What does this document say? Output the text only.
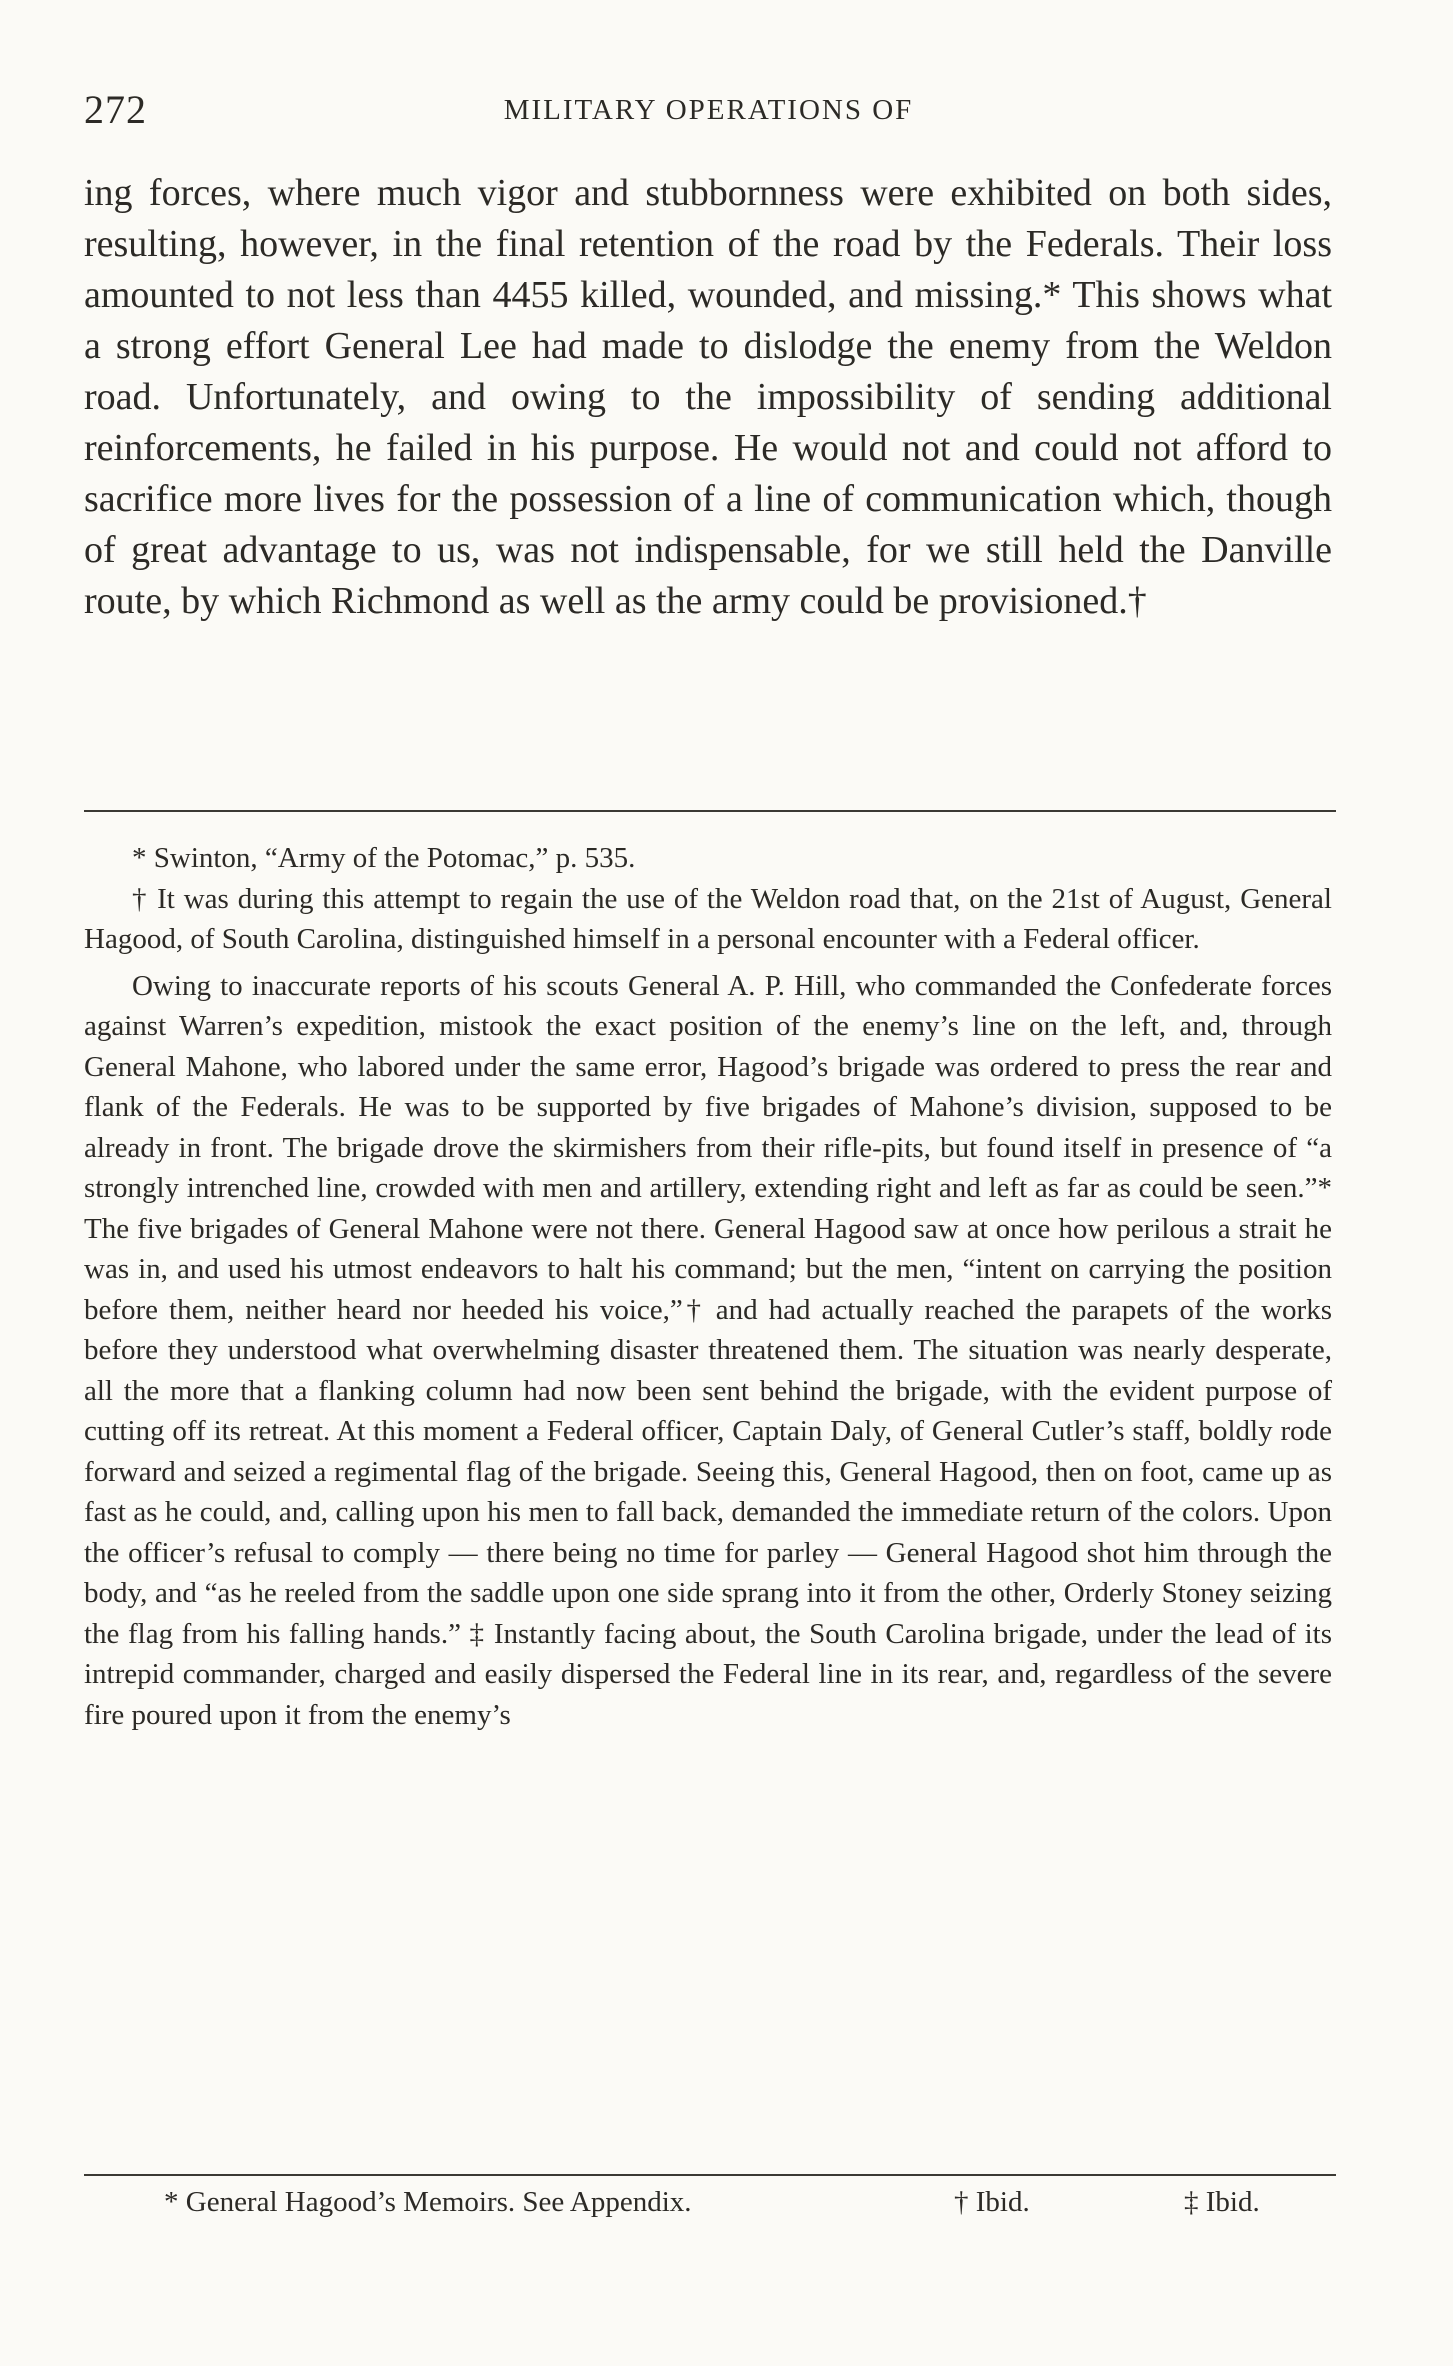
272	MILITARY OPERATIONS OF

ing forces, where much vigor and stubbornness were exhibited on both sides, resulting, however, in the final retention of the road by the Federals. Their loss amounted to not less than 4455 killed, wounded, and missing.* This shows what a strong effort General Lee had made to dislodge the enemy from the Weldon road. Unfortunately, and owing to the impossibility of sending additional reinforcements, he failed in his purpose. He would not and could not afford to sacrifice more lives for the possession of a line of communication which, though of great advantage to us, was not indispensable, for we still held the Danville route, by which Richmond as well as the army could be provisioned.†

* Swinton, “Army of the Potomac,” p. 535.

† It was during this attempt to regain the use of the Weldon road that, on the 21st of August, General Hagood, of South Carolina, distinguished himself in a personal encounter with a Federal officer.

Owing to inaccurate reports of his scouts General A. P. Hill, who commanded the Confederate forces against Warren’s expedition, mistook the exact position of the enemy’s line on the left, and, through General Mahone, who labored under the same error, Hagood’s brigade was ordered to press the rear and flank of the Federals. He was to be supported by five brigades of Mahone’s division, supposed to be already in front. The brigade drove the skirmishers from their rifle-pits, but found itself in presence of “a strongly intrenched line, crowded with men and artillery, extending right and left as far as could be seen.”* The five brigades of General Mahone were not there. General Hagood saw at once how perilous a strait he was in, and used his utmost endeavors to halt his command; but the men, “intent on carrying the position before them, neither heard nor heeded his voice,”† and had actually reached the parapets of the works before they understood what overwhelming disaster threatened them. The situation was nearly desperate, all the more that a flanking column had now been sent behind the brigade, with the evident purpose of cutting off its retreat. At this moment a Federal officer, Captain Daly, of General Cutler’s staff, boldly rode forward and seized a regimental flag of the brigade. Seeing this, General Hagood, then on foot, came up as fast as he could, and, calling upon his men to fall back, demanded the immediate return of the colors. Upon the officer’s refusal to comply — there being no time for parley — General Hagood shot him through the body, and “as he reeled from the saddle upon one side sprang into it from the other, Orderly Stoney seizing the flag from his falling hands.” ‡ Instantly facing about, the South Carolina brigade, under the lead of its intrepid commander, charged and easily dispersed the Federal line in its rear, and, regardless of the severe fire poured upon it from the enemy’s

* General Hagood’s Memoirs. See Appendix.	† Ibid.	‡ Ibid.
